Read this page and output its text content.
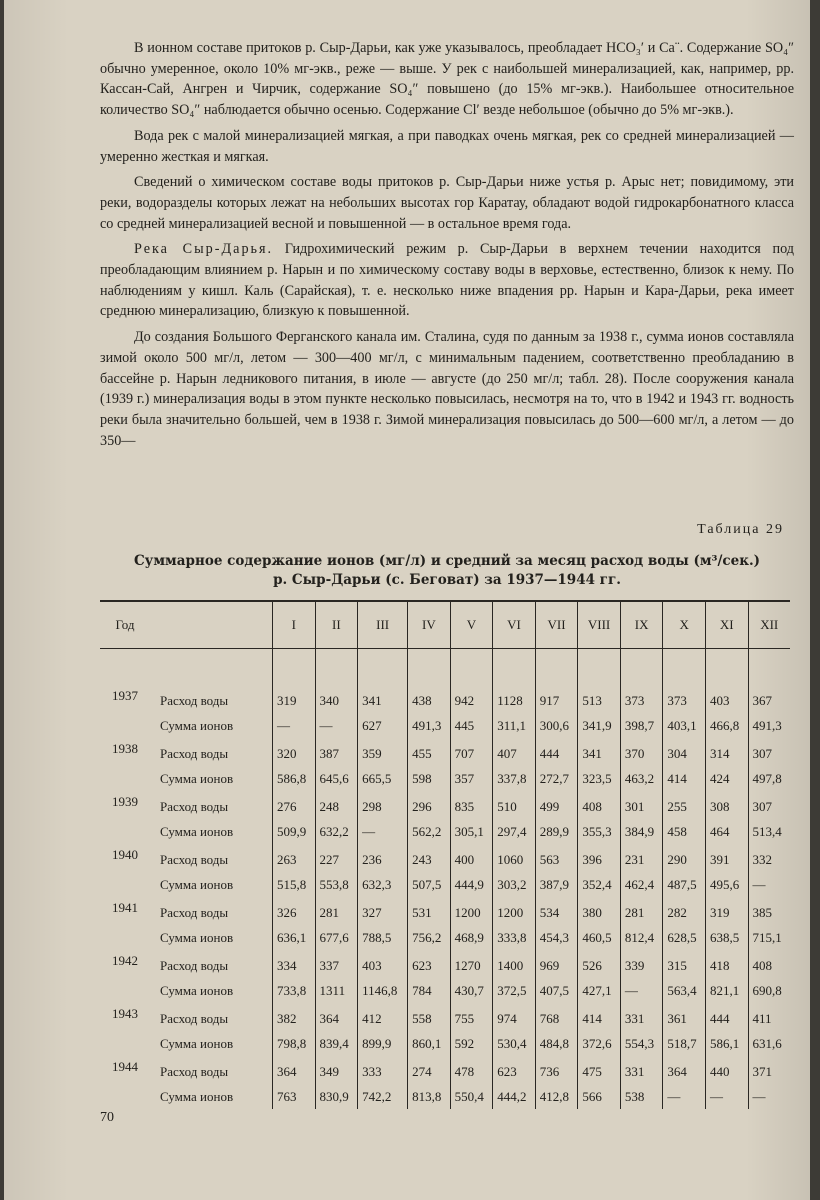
В ионном составе притоков р. Сыр-Дарьи, как уже указывалось, преобладает HCO₃′ и Ca¨. Содержание SO₄″ обычно умеренное, около 10% мг-экв., реже — выше. У рек с наибольшей минерализацией, как, например, рр. Кассан-Сай, Ангрен и Чирчик, содержание SO₄″ повышено (до 15% мг-экв.). Наибольшее относительное количество SO₄″ наблюдается обычно осенью. Содержание Cl′ везде небольшое (обычно до 5% мг-экв.).

Вода рек с малой минерализацией мягкая, а при паводках очень мягкая, рек со средней минерализацией — умеренно жесткая и мягкая.

Сведений о химическом составе воды притоков р. Сыр-Дарьи ниже устья р. Арыс нет; повидимому, эти реки, водоразделы которых лежат на небольших высотах гор Каратау, обладают водой гидрокарбонатного класса со средней минерализацией весной и повышенной — в остальное время года.

Река Сыр-Дарья. Гидрохимический режим р. Сыр-Дарьи в верхнем течении находится под преобладающим влиянием р. Нарын и по химическому составу воды в верховье, естественно, близок к нему. По наблюдениям у кишл. Каль (Сарайская), т. е. несколько ниже впадения рр. Нарын и Кара-Дарьи, река имеет среднюю минерализацию, близкую к повышенной.

До создания Большого Ферганского канала им. Сталина, судя по данным за 1938 г., сумма ионов составляла зимой около 500 мг/л, летом — 300—400 мг/л, с минимальным падением, соответственно преобладанию в бассейне р. Нарын ледникового питания, в июле — августе (до 250 мг/л; табл. 28). После сооружения канала (1939 г.) минерализация воды в этом пункте несколько повысилась, несмотря на то, что в 1942 и 1943 гг. водность реки была значительно большей, чем в 1938 г. Зимой минерализация повысилась до 500—600 мг/л, а летом — до 350—

Таблица 29
Суммарное содержание ионов (мг/л) и средний за месяц расход воды (м³/сек.)
р. Сыр-Дарьи (с. Беговат) за 1937—1944 гг.
Год		I	II	III	IV	V	VI	VII	VIII	IX	X	XI	XII

1937	Расход воды	319	340	341	438	942	1128	917	513	373	373	403	367
	Сумма ионов	—	—	627	491,3	445	311,1	300,6	341,9	398,7	403,1	466,8	491,3
1938	Расход воды	320	387	359	455	707	407	444	341	370	304	314	307
	Сумма ионов	586,8	645,6	665,5	598	357	337,8	272,7	323,5	463,2	414	424	497,8
1939	Расход воды	276	248	298	296	835	510	499	408	301	255	308	307
	Сумма ионов	509,9	632,2	—	562,2	305,1	297,4	289,9	355,3	384,9	458	464	513,4
1940	Расход воды	263	227	236	243	400	1060	563	396	231	290	391	332
	Сумма ионов	515,8	553,8	632,3	507,5	444,9	303,2	387,9	352,4	462,4	487,5	495,6	—
1941	Расход воды	326	281	327	531	1200	1200	534	380	281	282	319	385
	Сумма ионов	636,1	677,6	788,5	756,2	468,9	333,8	454,3	460,5	812,4	628,5	638,5	715,1
1942	Расход воды	334	337	403	623	1270	1400	969	526	339	315	418	408
	Сумма ионов	733,8	1311	1146,8	784	430,7	372,5	407,5	427,1	—	563,4	821,1	690,8
1943	Расход воды	382	364	412	558	755	974	768	414	331	361	444	411
	Сумма ионов	798,8	839,4	899,9	860,1	592	530,4	484,8	372,6	554,3	518,7	586,1	631,6
1944	Расход воды	364	349	333	274	478	623	736	475	331	364	440	371
	Сумма ионов	763	830,9	742,2	813,8	550,4	444,2	412,8	566	538	—	—	—
70
